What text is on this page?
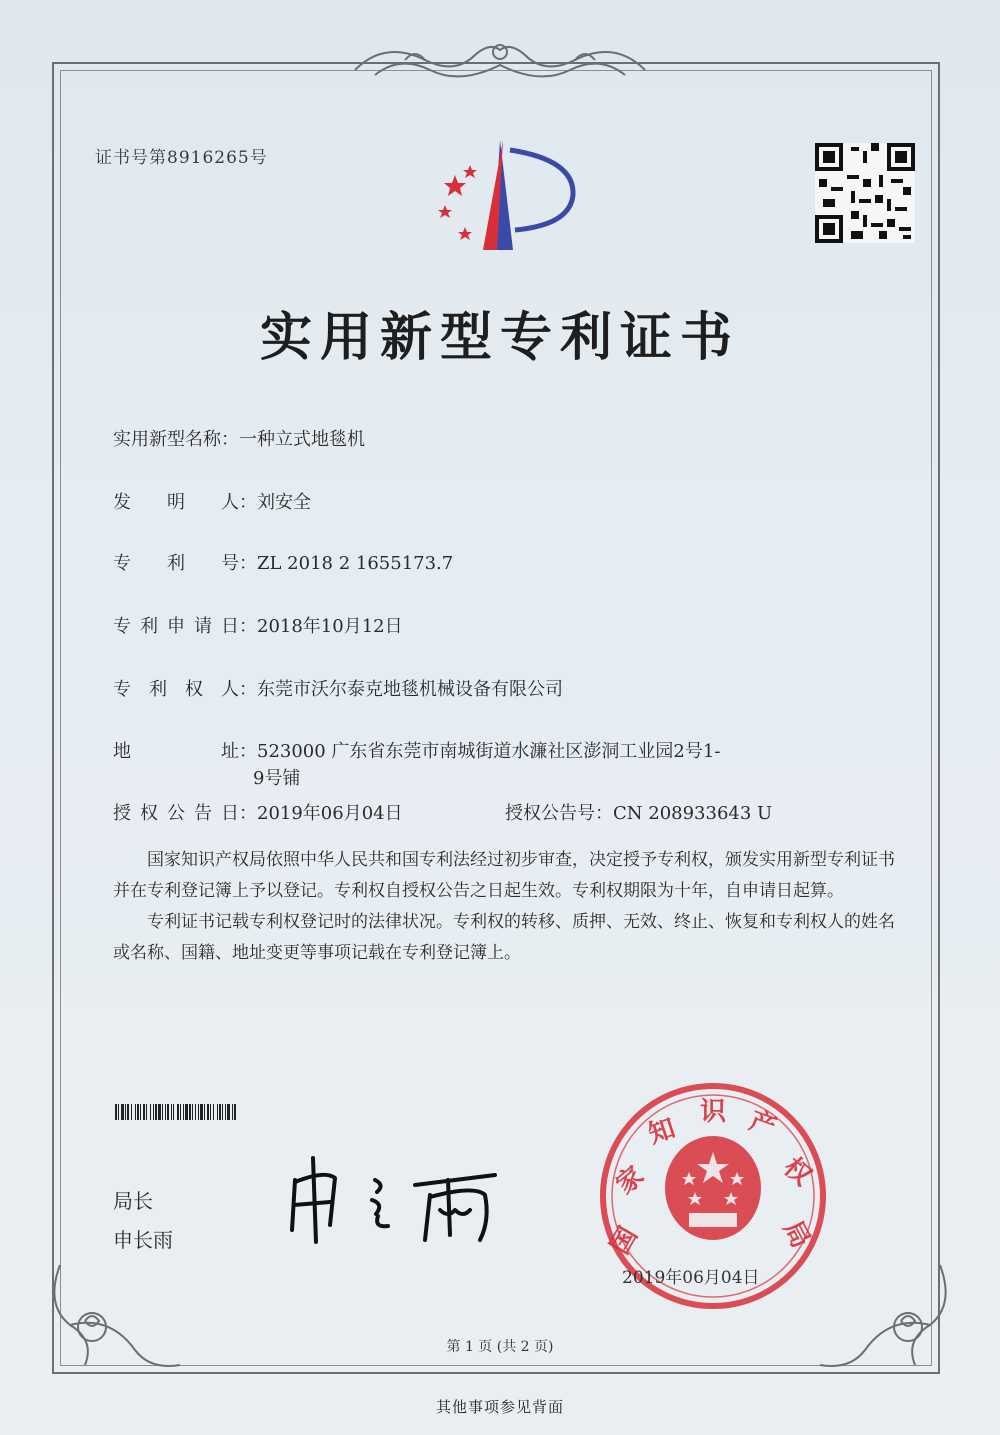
证书号第8916265号
实用新型专利证书
实用新型名称：一种立式地毯机
发明人：刘安全
专利号：ZL 2018 2 1655173.7
专利申请日：2018年10月12日
专利权人：东莞市沃尔泰克地毯机械设备有限公司
地址：523000 广东省东莞市南城街道水濂社区澎洞工业园2号1-
9号铺
授权公告日：2019年06月04日	授权公告号：CN 208933643 U

国家知识产权局依照中华人民共和国专利法经过初步审查，决定授予专利权，颁发实用新型专利证书并在专利登记簿上予以登记。专利权自授权公告之日起生效。专利权期限为十年，自申请日起算。

专利证书记载专利权登记时的法律状况。专利权的转移、质押、无效、终止、恢复和专利权人的姓名或名称、国籍、地址变更等事项记载在专利登记簿上。

局长
申长雨	国
家
知
识 产
权
局
2019年06月04日
第 1 页 (共 2 页)
其他事项参见背面
